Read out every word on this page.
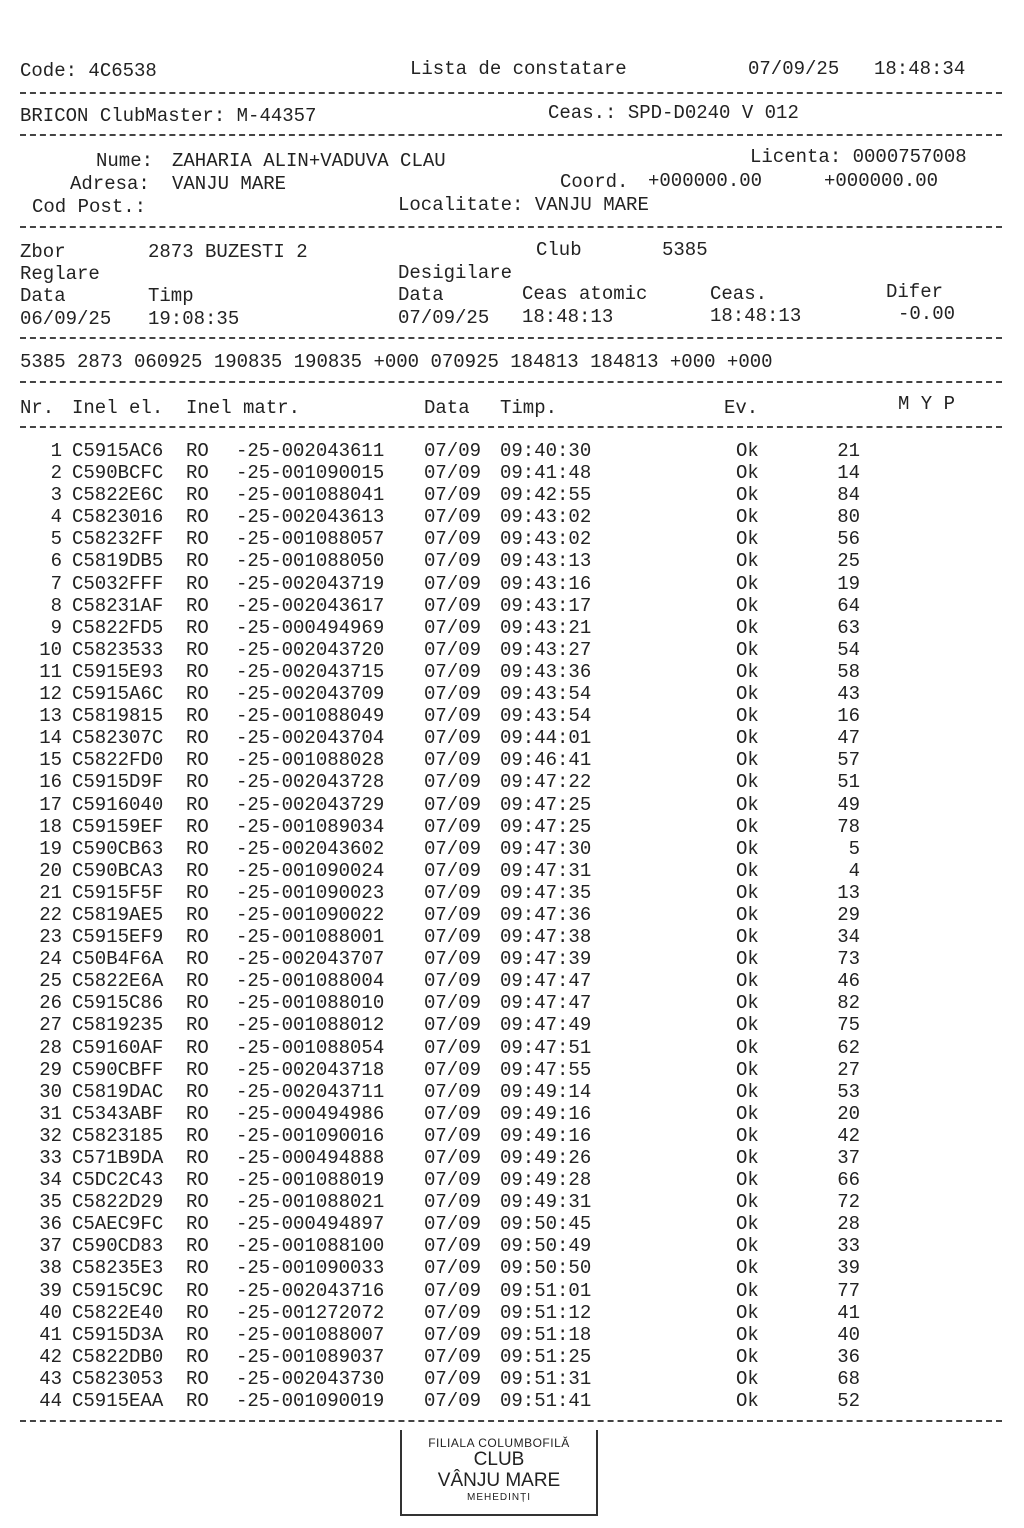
Code: 4C6538	Lista de constatare	07/09/25 18:48:34
BRICON ClubMaster: M-44357	Ceas.: SPD-D0240 V 012
Nume: ZAHARIA ALIN+VADUVA CLAU	Licenta: 0000757008
Adresa: VANJU MARE	Coord. +000000.00	+000000.00
Cod Post.:	Localitate: VANJU MARE
Zbor	2873 BUZESTI 2	Club	5385
Reglare	Desigilare
Data	Timp	Data	Ceas atomic	Ceas.	Difer
06/09/25 19:08:35	07/09/25 18:48:13	18:48:13	-0.00
5385 2873 060925 190835 190835 +000 070925 184813 184813 +000 +000
Nr. Inel el. Inel matr.	Data Timp.	Ev.	M Y P
1 C5915AC6 RO -25-002043611 07/09 09:40:30	Ok	21
2 C590BCFC RO -25-001090015 07/09 09:41:48	Ok	14
3 C5822E6C RO -25-001088041 07/09 09:42:55	Ok	84
4 C5823016 RO -25-002043613 07/09 09:43:02	Ok	80
5 C58232FF RO -25-001088057 07/09 09:43:02	Ok	56
6 C5819DB5 RO -25-001088050 07/09 09:43:13	Ok	25
7 C5032FFF RO -25-002043719 07/09 09:43:16	Ok	19
8 C58231AF RO -25-002043617 07/09 09:43:17	Ok	64
9 C5822FD5 RO -25-000494969 07/09 09:43:21	Ok	63
10 C5823533 RO -25-002043720 07/09 09:43:27	Ok	54
11 C5915E93 RO -25-002043715 07/09 09:43:36	Ok	58
12 C5915A6C RO -25-002043709 07/09 09:43:54	Ok	43
13 C5819815 RO -25-001088049 07/09 09:43:54	Ok	16
14 C582307C RO -25-002043704 07/09 09:44:01	Ok	47
15 C5822FD0 RO -25-001088028 07/09 09:46:41	Ok	57
16 C5915D9F RO -25-002043728 07/09 09:47:22	Ok	51
17 C5916040 RO -25-002043729 07/09 09:47:25	Ok	49
18 C59159EF RO -25-001089034 07/09 09:47:25	Ok	78
19 C590CB63 RO -25-002043602 07/09 09:47:30	Ok	5
20 C590BCA3 RO -25-001090024 07/09 09:47:31	Ok	4
21 C5915F5F RO -25-001090023 07/09 09:47:35	Ok	13
22 C5819AE5 RO -25-001090022 07/09 09:47:36	Ok	29
23 C5915EF9 RO -25-001088001 07/09 09:47:38	Ok	34
24 C50B4F6A RO -25-002043707 07/09 09:47:39	Ok	73
25 C5822E6A RO -25-001088004 07/09 09:47:47	Ok	46
26 C5915C86 RO -25-001088010 07/09 09:47:47	Ok	82
27 C5819235 RO -25-001088012 07/09 09:47:49	Ok	75
28 C59160AF RO -25-001088054 07/09 09:47:51	Ok	62
29 C590CBFF RO -25-002043718 07/09 09:47:55	Ok	27
30 C5819DAC RO -25-002043711 07/09 09:49:14	Ok	53
31 C5343ABF RO -25-000494986 07/09 09:49:16	Ok	20
32 C5823185 RO -25-001090016 07/09 09:49:16	Ok	42
33 C571B9DA RO -25-000494888 07/09 09:49:26	Ok	37
34 C5DC2C43 RO -25-001088019 07/09 09:49:28	Ok	66
35 C5822D29 RO -25-001088021 07/09 09:49:31	Ok	72
36 C5AEC9FC RO -25-000494897 07/09 09:50:45	Ok	28
37 C590CD83 RO -25-001088100 07/09 09:50:49	Ok	33
38 C58235E3 RO -25-001090033 07/09 09:50:50	Ok	39
39 C5915C9C RO -25-002043716 07/09 09:51:01	Ok	77
40 C5822E40 RO -25-001272072 07/09 09:51:12	Ok	41
41 C5915D3A RO -25-001088007 07/09 09:51:18	Ok	40
42 C5822DB0 RO -25-001089037 07/09 09:51:25	Ok	36
43 C5823053 RO -25-002043730 07/09 09:51:31	Ok	68
44 C5915EAA RO -25-001090019 07/09 09:51:41	Ok	52
FILIALA COLUMBOFILĂ
CLUB
VÂNJU MARE
MEHEDINȚI
